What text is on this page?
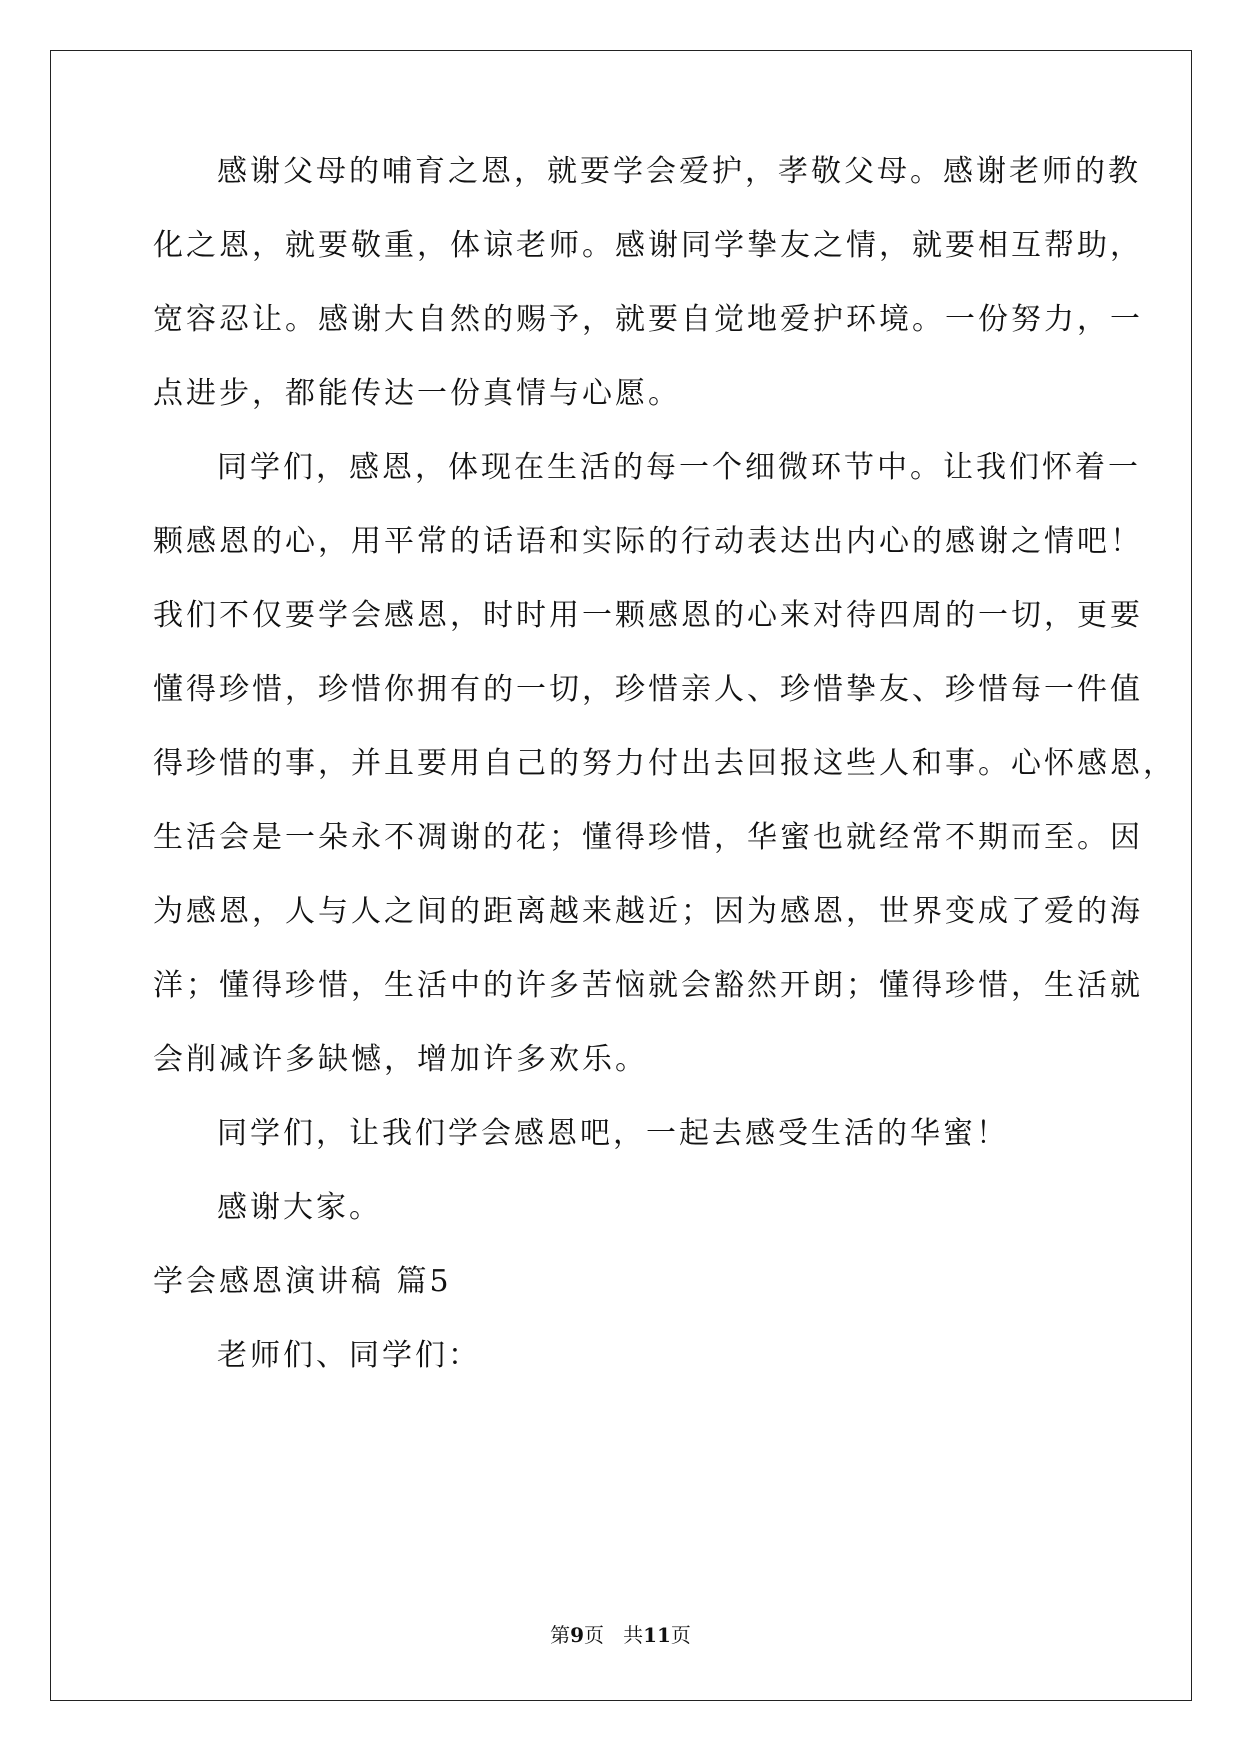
感谢父母的哺育之恩，就要学会爱护，孝敬父母。感谢老师的教
化之恩，就要敬重，体谅老师。感谢同学挚友之情，就要相互帮助，
宽容忍让。感谢大自然的赐予，就要自觉地爱护环境。一份努力，一
点进步，都能传达一份真情与心愿。
同学们，感恩，体现在生活的每一个细微环节中。让我们怀着一
颗感恩的心，用平常的话语和实际的行动表达出内心的感谢之情吧！
我们不仅要学会感恩，时时用一颗感恩的心来对待四周的一切，更要
懂得珍惜，珍惜你拥有的一切，珍惜亲人、珍惜挚友、珍惜每一件值
得珍惜的事，并且要用自己的努力付出去回报这些人和事。心怀感恩，
生活会是一朵永不凋谢的花；懂得珍惜，华蜜也就经常不期而至。因
为感恩，人与人之间的距离越来越近；因为感恩，世界变成了爱的海
洋；懂得珍惜，生活中的许多苦恼就会豁然开朗；懂得珍惜，生活就
会削减许多缺憾，增加许多欢乐。
同学们，让我们学会感恩吧，一起去感受生活的华蜜！
感谢大家。
学会感恩演讲稿 篇5
老师们、同学们：
第9页 共11页
